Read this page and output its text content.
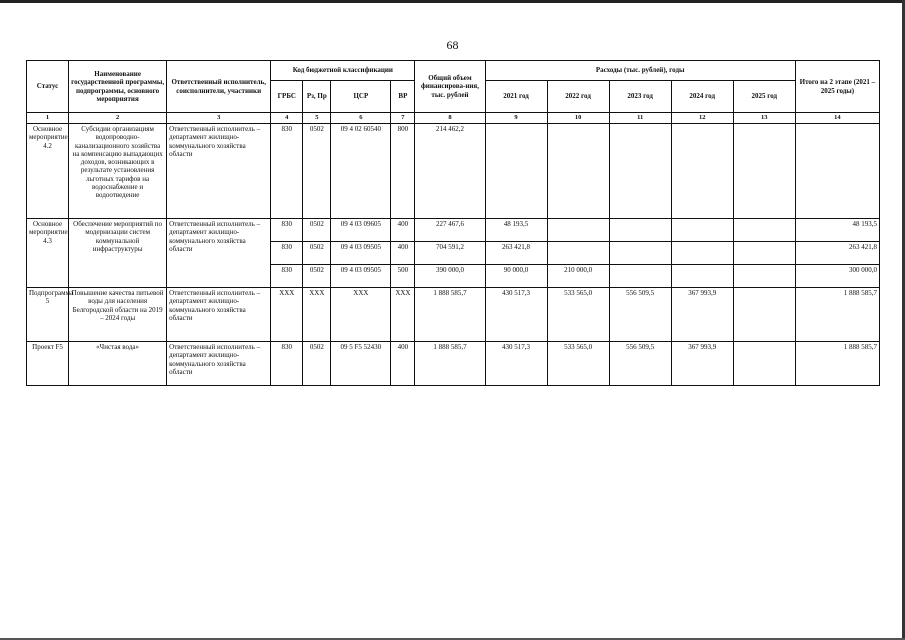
68
Статус	Наименование государственной программы, подпрограммы, основного мероприятия	Ответственный исполнитель, соисполнители, участники	Код бюджетной классификации				Общий объем финансирова-ния, тыс. рублей	Расходы (тыс. рублей), годы					Итого на 2 этапе (2021 – 2025 годы)
			ГРБС	Рз, Пр	ЦСР	ВР		2021 год	2022 год	2023 год	2024 год	2025 год	
1	2	3	4	5	6	7	8	9	10	11	12	13	14
Основное мероприятие 4.2	Субсидии организациям водопроводно-канализационного хозяйства на компенсацию выпадающих доходов, возникающих в результате установления льготных тарифов на водоснабжение и водоотведение	Ответственный исполнитель – департамент жилищно-коммунального хозяйства области	830	0502	09 4 02 60540	800	214 462,2						
Основное мероприятие 4.3	Обеспечение мероприятий по модернизации систем коммунальной инфраструктуры	Ответственный исполнитель – департамент жилищно-коммунального хозяйства области	830	0502	09 4 03 09605	400	227 467,6	48 193,5					48 193,5
			830	0502	09 4 03 09505	400	704 591,2	263 421,8					263 421,8
			830	0502	09 4 03 09505	500	390 000,0	90 000,0	210 000,0				300 000,0
Подпрограмма 5	Повышение качества питьевой воды для населения Белгородской области на 2019 – 2024 годы	Ответственный исполнитель – департамент жилищно-коммунального хозяйства области	XXX	XXX	XXX	XXX	1 888 585,7	430 517,3	533 565,0	556 509,5	367 993,9		1 888 585,7
Проект F5	«Чистая вода»	Ответственный исполнитель – департамент жилищно-коммунального хозяйства области	830	0502	09 5 F5 52430	400	1 888 585,7	430 517,3	533 565,0	556 509,5	367 993,9		1 888 585,7
